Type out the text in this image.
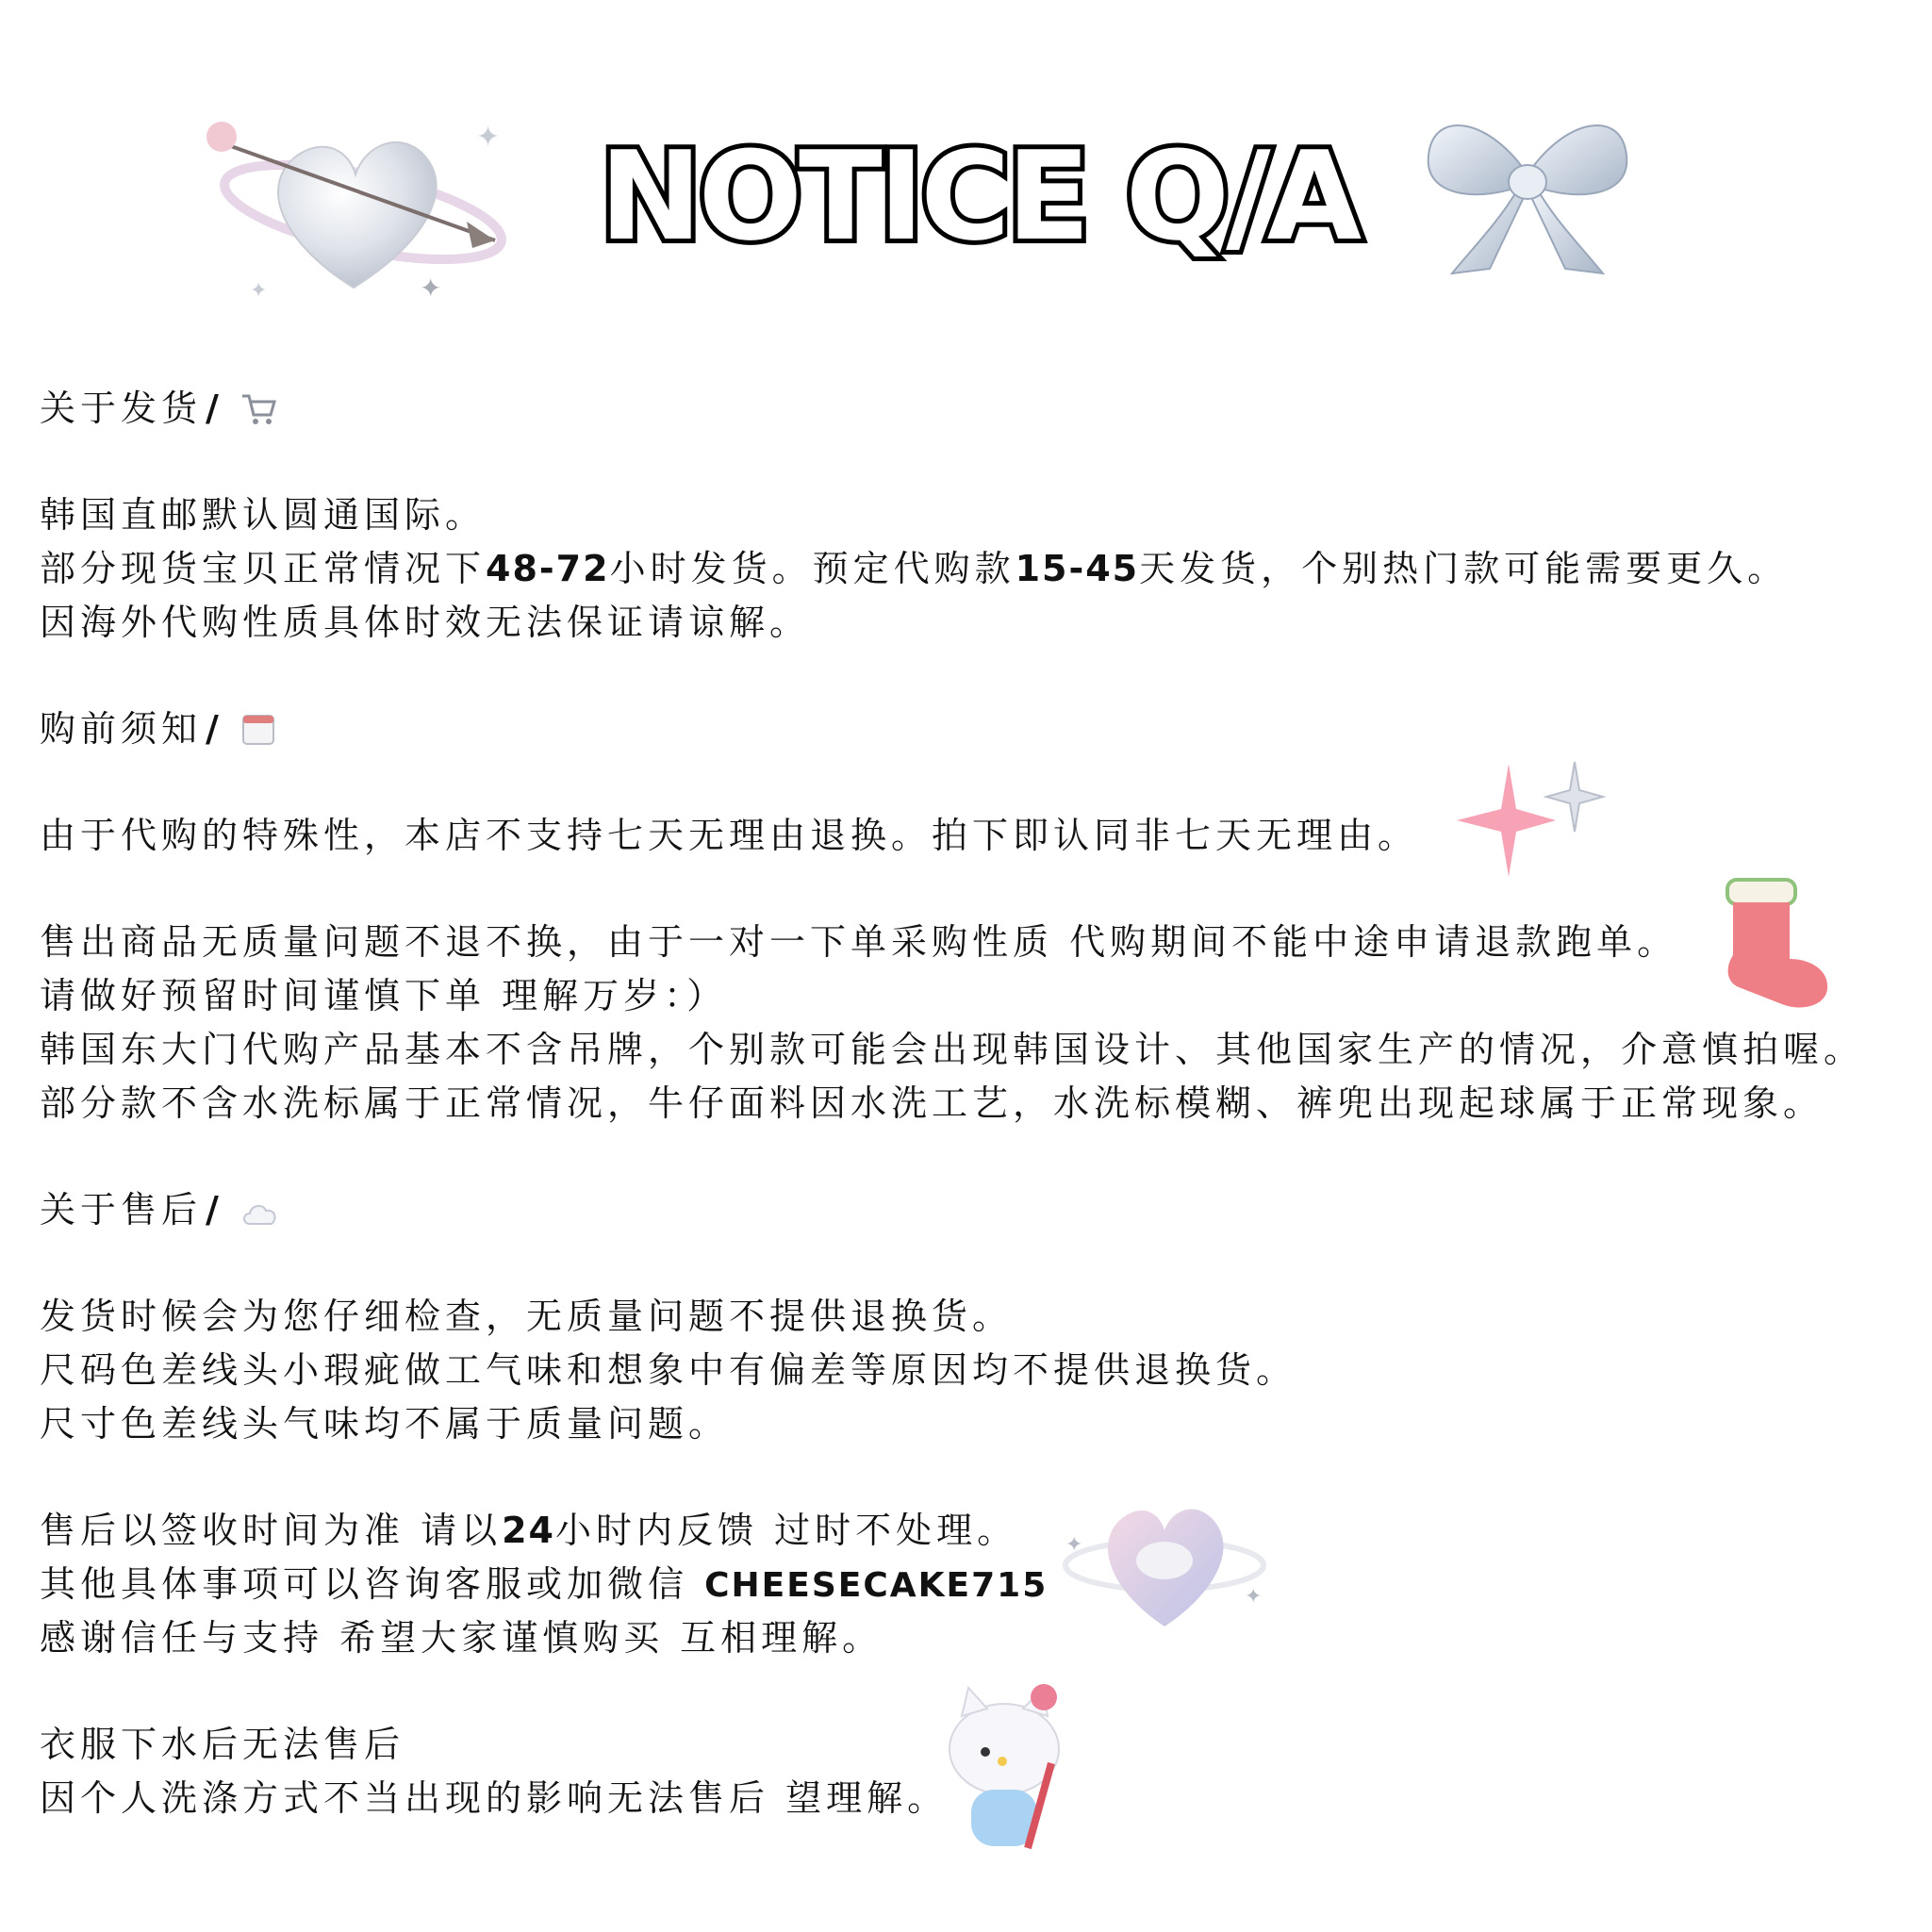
✦
✦
✦
NOTICE Q/A
关于发货 /
韩国直邮默认圆通国际。
部分现货宝贝正常情况下48-72小时发货。预定代购款15-45天发货，个别热门款可能需要更久。
因海外代购性质具体时效无法保证请谅解。
购前须知 /
由于代购的特殊性，本店不支持七天无理由退换。拍下即认同非七天无理由。
售出商品无质量问题不退不换，由于一对一下单采购性质 代购期间不能中途申请退款跑单。
请做好预留时间谨慎下单 理解万岁：）
韩国东大门代购产品基本不含吊牌，个别款可能会出现韩国设计、其他国家生产的情况，介意慎拍喔。
部分款不含水洗标属于正常情况，牛仔面料因水洗工艺，水洗标模糊、裤兜出现起球属于正常现象。
关于售后 /
发货时候会为您仔细检查，无质量问题不提供退换货。
尺码色差线头小瑕疵做工气味和想象中有偏差等原因均不提供退换货。
尺寸色差线头气味均不属于质量问题。
售后以签收时间为准 请以24小时内反馈 过时不处理。
其他具体事项可以咨询客服或加微信 CHEESECAKE715
感谢信任与支持 希望大家谨慎购买 互相理解。
衣服下水后无法售后
因个人洗涤方式不当出现的影响无法售后 望理解。
✦
✦
